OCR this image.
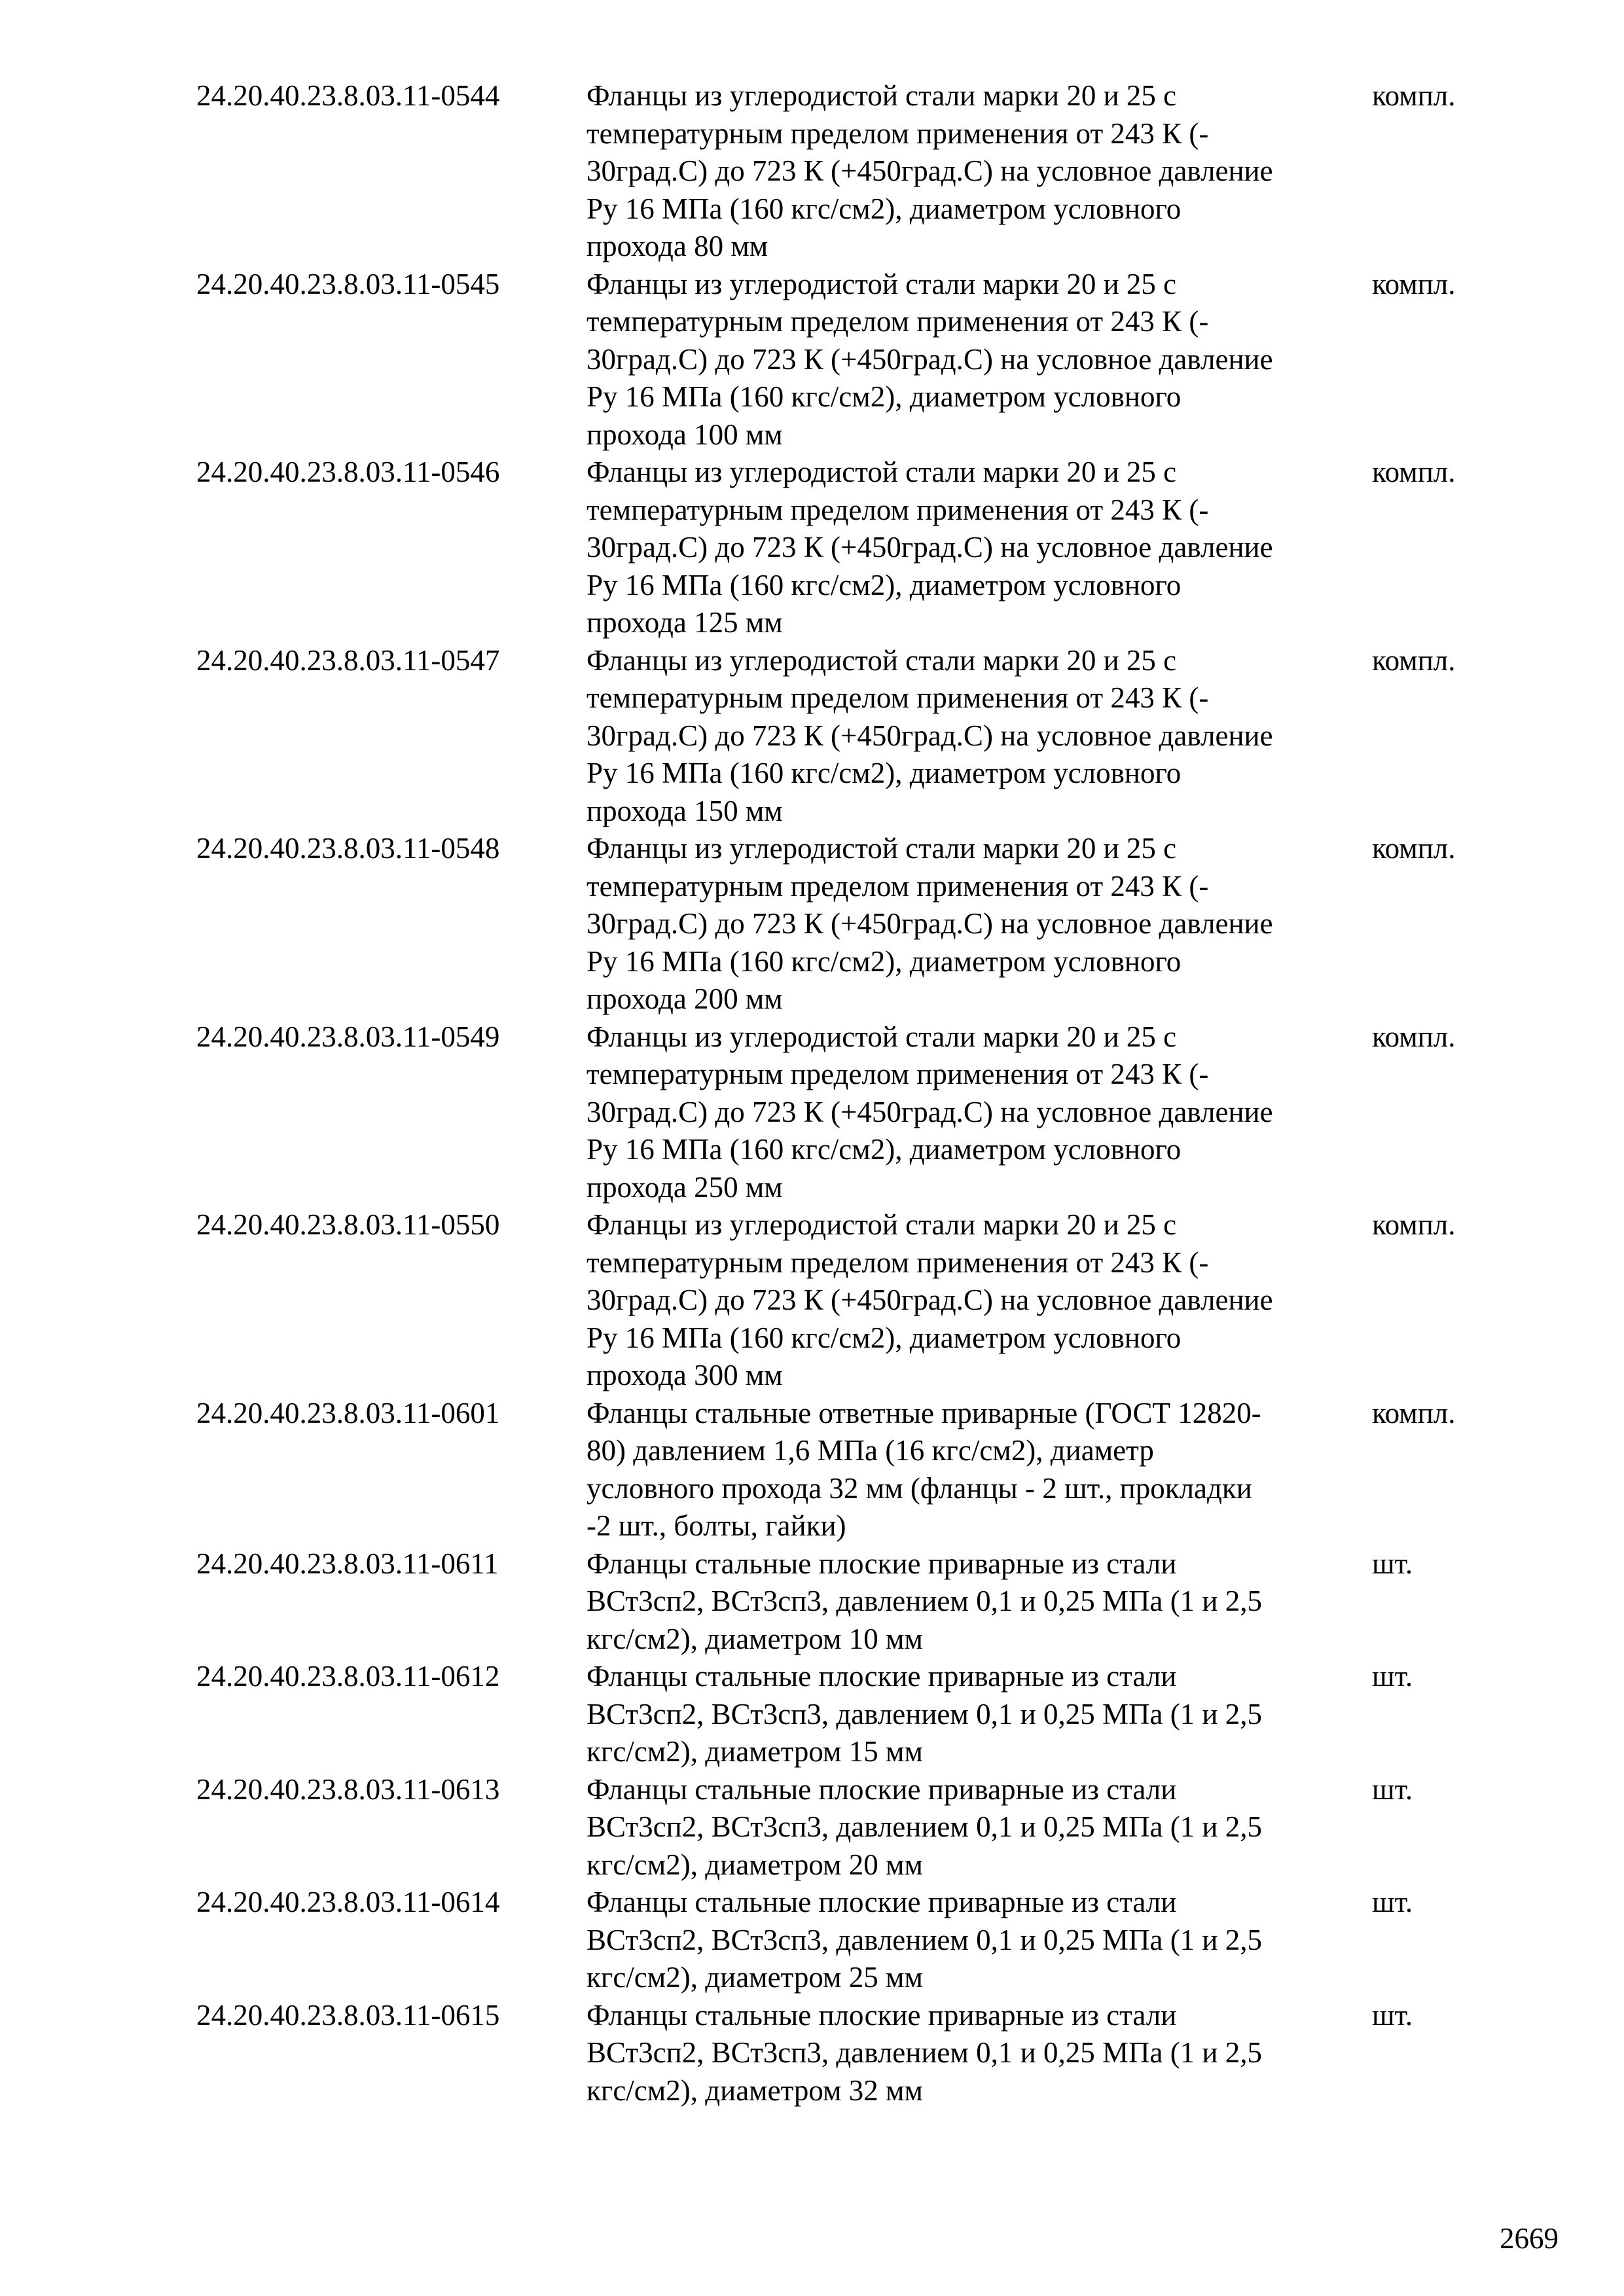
24.20.40.23.8.03.11-0544	Фланцы из углеродистой стали марки 20 и 25 с
температурным пределом применения от 243 К (-
30град.С) до 723 К (+450град.С) на условное давление
Ру 16 МПа (160 кгс/см2), диаметром условного
прохода 80 мм
компл.
24.20.40.23.8.03.11-0545	Фланцы из углеродистой стали марки 20 и 25 с
температурным пределом применения от 243 К (-
30град.С) до 723 К (+450град.С) на условное давление
Ру 16 МПа (160 кгс/см2), диаметром условного
прохода 100 мм
компл.
24.20.40.23.8.03.11-0546	Фланцы из углеродистой стали марки 20 и 25 с
температурным пределом применения от 243 К (-
30град.С) до 723 К (+450град.С) на условное давление
Ру 16 МПа (160 кгс/см2), диаметром условного
прохода 125 мм
компл.
24.20.40.23.8.03.11-0547	Фланцы из углеродистой стали марки 20 и 25 с
температурным пределом применения от 243 К (-
30град.С) до 723 К (+450град.С) на условное давление
Ру 16 МПа (160 кгс/см2), диаметром условного
прохода 150 мм
компл.
24.20.40.23.8.03.11-0548	Фланцы из углеродистой стали марки 20 и 25 с
температурным пределом применения от 243 К (-
30град.С) до 723 К (+450град.С) на условное давление
Ру 16 МПа (160 кгс/см2), диаметром условного
прохода 200 мм
компл.
24.20.40.23.8.03.11-0549	Фланцы из углеродистой стали марки 20 и 25 с
температурным пределом применения от 243 К (-
30град.С) до 723 К (+450град.С) на условное давление
Ру 16 МПа (160 кгс/см2), диаметром условного
прохода 250 мм
компл.
24.20.40.23.8.03.11-0550	Фланцы из углеродистой стали марки 20 и 25 с
температурным пределом применения от 243 К (-
30град.С) до 723 К (+450град.С) на условное давление
Ру 16 МПа (160 кгс/см2), диаметром условного
прохода 300 мм
компл.
24.20.40.23.8.03.11-0601	Фланцы стальные ответные приварные (ГОСТ 12820-
80) давлением 1,6 МПа (16 кгс/см2), диаметр
условного прохода 32 мм (фланцы - 2 шт., прокладки
-2 шт., болты, гайки)
компл.
24.20.40.23.8.03.11-0611	Фланцы стальные плоские приварные из стали
ВСт3сп2, ВСт3сп3, давлением 0,1 и 0,25 МПа (1 и 2,5
кгс/см2), диаметром 10 мм
шт.
24.20.40.23.8.03.11-0612	Фланцы стальные плоские приварные из стали
ВСт3сп2, ВСт3сп3, давлением 0,1 и 0,25 МПа (1 и 2,5
кгс/см2), диаметром 15 мм
шт.
24.20.40.23.8.03.11-0613	Фланцы стальные плоские приварные из стали
ВСт3сп2, ВСт3сп3, давлением 0,1 и 0,25 МПа (1 и 2,5
кгс/см2), диаметром 20 мм
шт.
24.20.40.23.8.03.11-0614	Фланцы стальные плоские приварные из стали
ВСт3сп2, ВСт3сп3, давлением 0,1 и 0,25 МПа (1 и 2,5
кгс/см2), диаметром 25 мм
шт.
24.20.40.23.8.03.11-0615	Фланцы стальные плоские приварные из стали
ВСт3сп2, ВСт3сп3, давлением 0,1 и 0,25 МПа (1 и 2,5
кгс/см2), диаметром 32 мм
шт.
2669
